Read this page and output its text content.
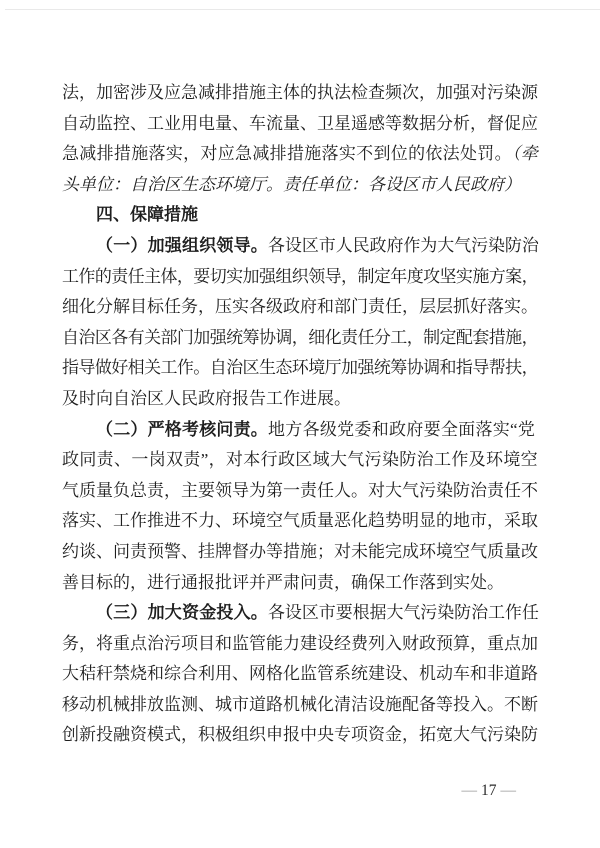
法，加密涉及应急减排措施主体的执法检查频次，加强对污染源
自动监控、工业用电量、车流量、卫星遥感等数据分析，督促应
急减排措施落实，对应急减排措施落实不到位的依法处罚。（牵
头单位：自治区生态环境厅。责任单位：各设区市人民政府）
四、保障措施
（一）加强组织领导。各设区市人民政府作为大气污染防治
工作的责任主体，要切实加强组织领导，制定年度攻坚实施方案，
细化分解目标任务，压实各级政府和部门责任，层层抓好落实。
自治区各有关部门加强统筹协调，细化责任分工，制定配套措施，
指导做好相关工作。自治区生态环境厅加强统筹协调和指导帮扶，
及时向自治区人民政府报告工作进展。
（二）严格考核问责。地方各级党委和政府要全面落实“党
政同责、一岗双责”，对本行政区域大气污染防治工作及环境空
气质量负总责，主要领导为第一责任人。对大气污染防治责任不
落实、工作推进不力、环境空气质量恶化趋势明显的地市，采取
约谈、问责预警、挂牌督办等措施；对未能完成环境空气质量改
善目标的，进行通报批评并严肃问责，确保工作落到实处。
（三）加大资金投入。各设区市要根据大气污染防治工作任
务，将重点治污项目和监管能力建设经费列入财政预算，重点加
大秸秆禁烧和综合利用、网格化监管系统建设、机动车和非道路
移动机械排放监测、城市道路机械化清洁设施配备等投入。不断
创新投融资模式，积极组织申报中央专项资金，拓宽大气污染防
— 17 —
